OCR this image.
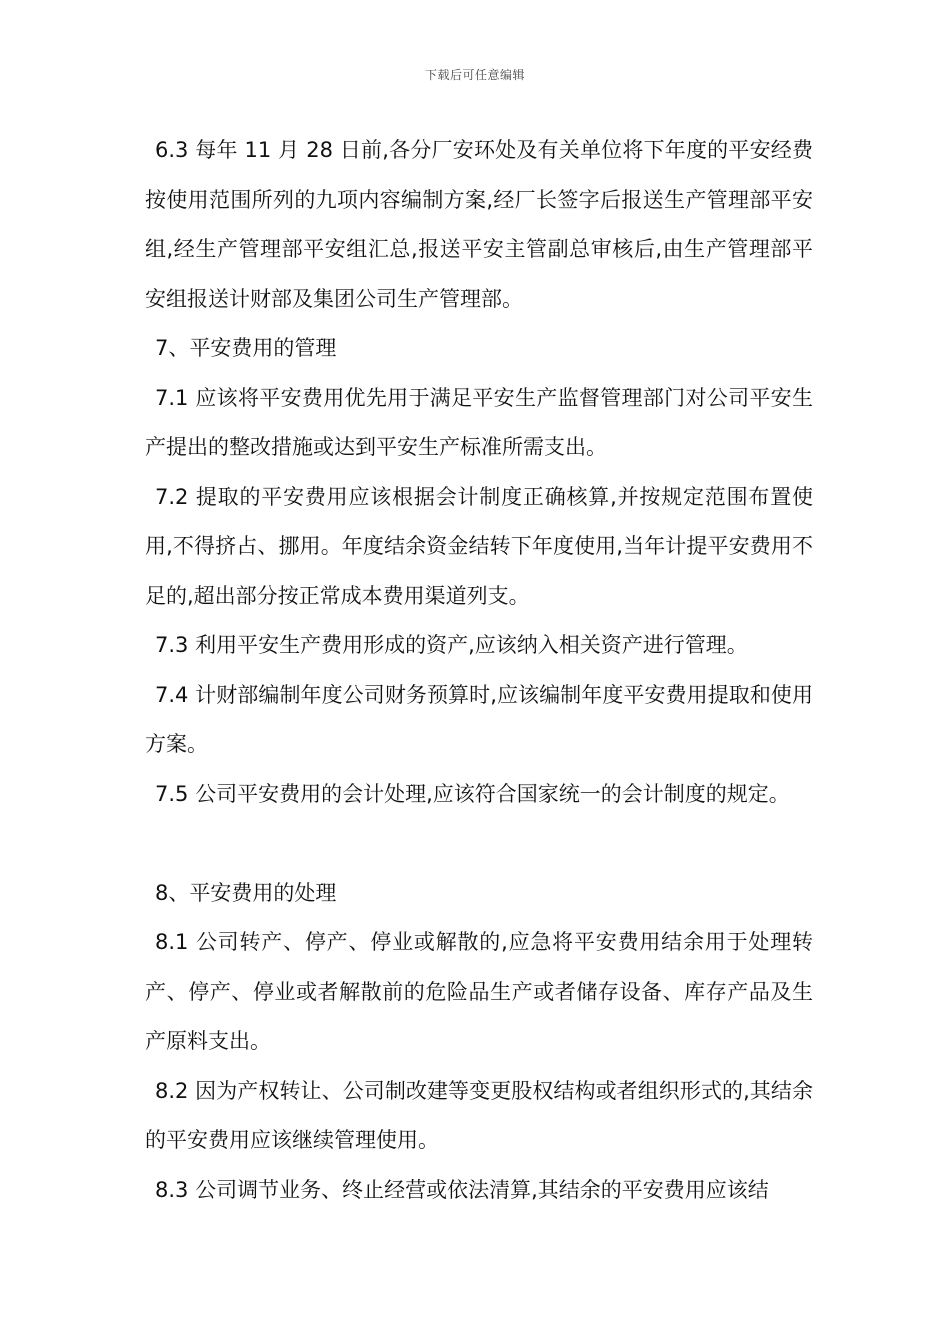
下载后可任意编辑

6.3 每年 11 月 28 日前,各分厂安环处及有关单位将下年度的平安经费按使用范围所列的九项内容编制方案,经厂长签字后报送生产管理部平安组,经生产管理部平安组汇总,报送平安主管副总审核后,由生产管理部平安组报送计财部及集团公司生产管理部。

7、平安费用的管理

7.1 应该将平安费用优先用于满足平安生产监督管理部门对公司平安生产提出的整改措施或达到平安生产标准所需支出。

7.2 提取的平安费用应该根据会计制度正确核算,并按规定范围布置使用,不得挤占、挪用。年度结余资金结转下年度使用,当年计提平安费用不足的,超出部分按正常成本费用渠道列支。

7.3 利用平安生产费用形成的资产,应该纳入相关资产进行管理。

7.4 计财部编制年度公司财务预算时,应该编制年度平安费用提取和使用方案。

7.5 公司平安费用的会计处理,应该符合国家统一的会计制度的规定。

8、平安费用的处理

8.1 公司转产、停产、停业或解散的,应急将平安费用结余用于处理转产、停产、停业或者解散前的危险品生产或者储存设备、库存产品及生产原料支出。

8.2 因为产权转让、公司制改建等变更股权结构或者组织形式的,其结余的平安费用应该继续管理使用。

8.3 公司调节业务、终止经营或依法清算,其结余的平安费用应该结
